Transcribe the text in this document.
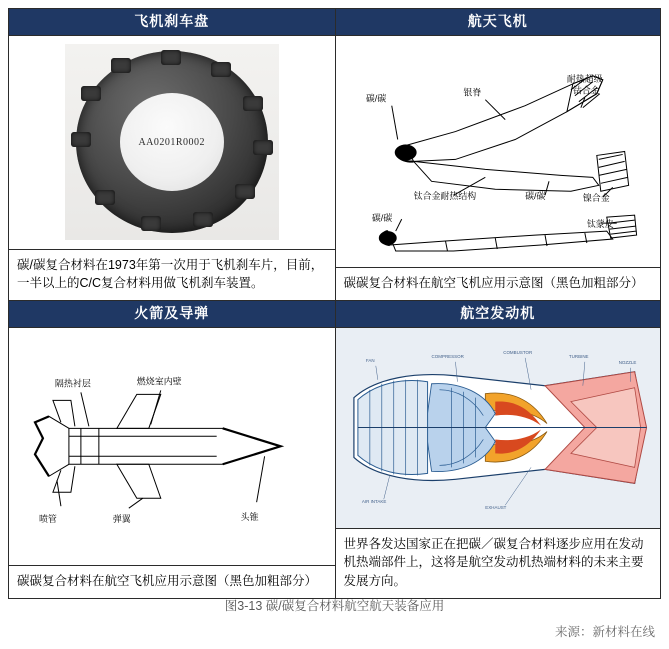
飞机刹车盘
AA0201R0002
碳/碳复合材料在1973年第一次用于飞机刹车片，目前，一半以上的C/C复合材料用做飞机刹车装置。
航天飞机
碳/碳
银脊
耐热超级
钴合金
钛合金耐热结构	碳/碳	镍合金
碳/碳
钛蒙皮
碳碳复合材料在航空飞机应用示意图（黑色加粗部分）
火箭及导弹
隔热衬层	燃烧室内壁
喷管	弹翼	头锥
碳碳复合材料在航空飞机应用示意图（黑色加粗部分）
航空发动机
FAN
COMPRESSOR
COMBUSTOR
TURBINE
NOZZLE
AIR INTAKE
EXHAUST
世界各发达国家正在把碳／碳复合材料逐步应用在发动机热端部件上，这将是航空发动机热端材料的未来主要发展方向。
图3-13 碳/碳复合材料航空航天装备应用
来源：新材料在线
